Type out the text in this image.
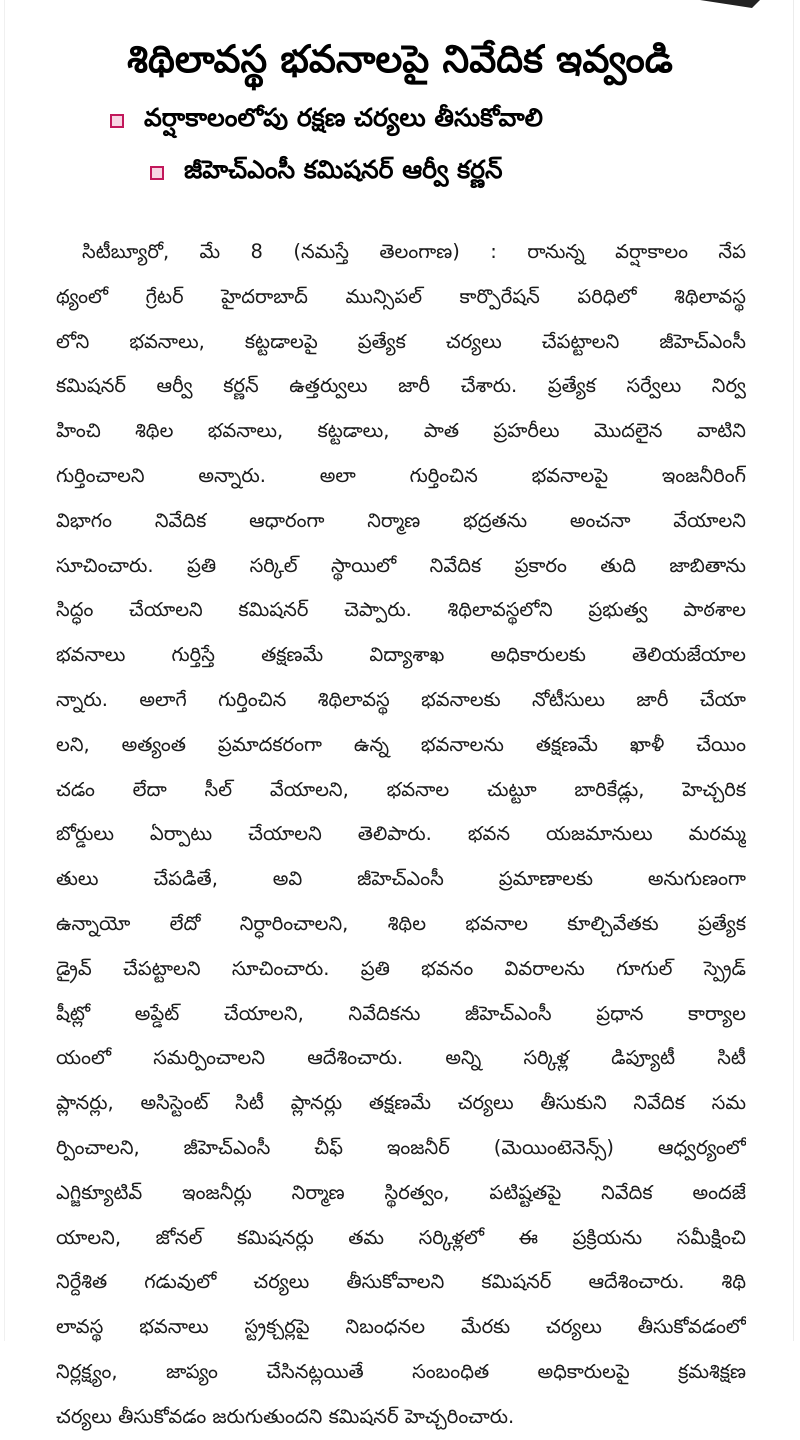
శిథిలావస్థ భవనాలపై నివేదిక ఇవ్వండి
వర్షాకాలంలోపు రక్షణ చర్యలు తీసుకోవాలి
జీహెచ్ఎంసీ కమిషనర్ ఆర్వీ కర్ణన్
సిటీబ్యూరో, మే 8 (నమస్తే తెలంగాణ) : రానున్న వర్షాకాలం నేప
థ్యంలో గ్రేటర్ హైదరాబాద్ మున్సిపల్ కార్పొరేషన్ పరిధిలో శిథిలావస్థ
లోని భవనాలు, కట్టడాలపై ప్రత్యేక చర్యలు చేపట్టాలని జీహెచ్ఎంసీ
కమిషనర్ ఆర్వీ కర్ణన్ ఉత్తర్వులు జారీ చేశారు. ప్రత్యేక సర్వేలు నిర్వ
హించి శిథిల భవనాలు, కట్టడాలు, పాత ప్రహరీలు మొదలైన వాటిని
గుర్తించాలని అన్నారు. అలా గుర్తించిన భవనాలపై ఇంజనీరింగ్
విభాగం నివేదిక ఆధారంగా నిర్మాణ భద్రతను అంచనా వేయాలని
సూచించారు. ప్రతి సర్కిల్ స్థాయిలో నివేదిక ప్రకారం తుది జాబితాను
సిద్ధం చేయాలని కమిషనర్ చెప్పారు. శిథిలావస్థలోని ప్రభుత్వ పాఠశాల
భవనాలు గుర్తిస్తే తక్షణమే విద్యాశాఖ అధికారులకు తెలియజేయాల
న్నారు. అలాగే గుర్తించిన శిథిలావస్థ భవనాలకు నోటీసులు జారీ చేయా
లని, అత్యంత ప్రమాదకరంగా ఉన్న భవనాలను తక్షణమే ఖాళీ చేయిం
చడం లేదా సీల్ వేయాలని, భవనాల చుట్టూ బారికేడ్లు, హెచ్చరిక
బోర్డులు ఏర్పాటు చేయాలని తెలిపారు. భవన యజమానులు మరమ్మ
తులు చేపడితే, అవి జీహెచ్ఎంసీ ప్రమాణాలకు అనుగుణంగా
ఉన్నాయో లేదో నిర్ధారించాలని, శిథిల భవనాల కూల్చివేతకు ప్రత్యేక
డ్రైవ్ చేపట్టాలని సూచించారు. ప్రతి భవనం వివరాలను గూగుల్ స్ప్రెడ్
షీట్లో అప్డేట్ చేయాలని, నివేదికను జీహెచ్ఎంసీ ప్రధాన కార్యాల
యంలో సమర్పించాలని ఆదేశించారు. అన్ని సర్కిళ్ల డిప్యూటీ సిటీ
ప్లానర్లు, అసిస్టెంట్ సిటీ ప్లానర్లు తక్షణమే చర్యలు తీసుకుని నివేదిక సమ
ర్పించాలని, జీహెచ్ఎంసీ చీఫ్ ఇంజనీర్ (మెయింటెనెన్స్) ఆధ్వర్యంలో
ఎగ్జిక్యూటివ్ ఇంజనీర్లు నిర్మాణ స్థిరత్వం, పటిష్టతపై నివేదిక అందజే
యాలని, జోనల్ కమిషనర్లు తమ సర్కిళ్లలో ఈ ప్రక్రియను సమీక్షించి
నిర్దేశిత గడువులో చర్యలు తీసుకోవాలని కమిషనర్ ఆదేశించారు. శిథి
లావస్థ భవనాలు స్ట్రక్చర్లపై నిబంధనల మేరకు చర్యలు తీసుకోవడంలో
నిర్లక్ష్యం, జాప్యం చేసినట్లయితే సంబంధిత అధికారులపై క్రమశిక్షణ
చర్యలు తీసుకోవడం జరుగుతుందని కమిషనర్ హెచ్చరించారు.
